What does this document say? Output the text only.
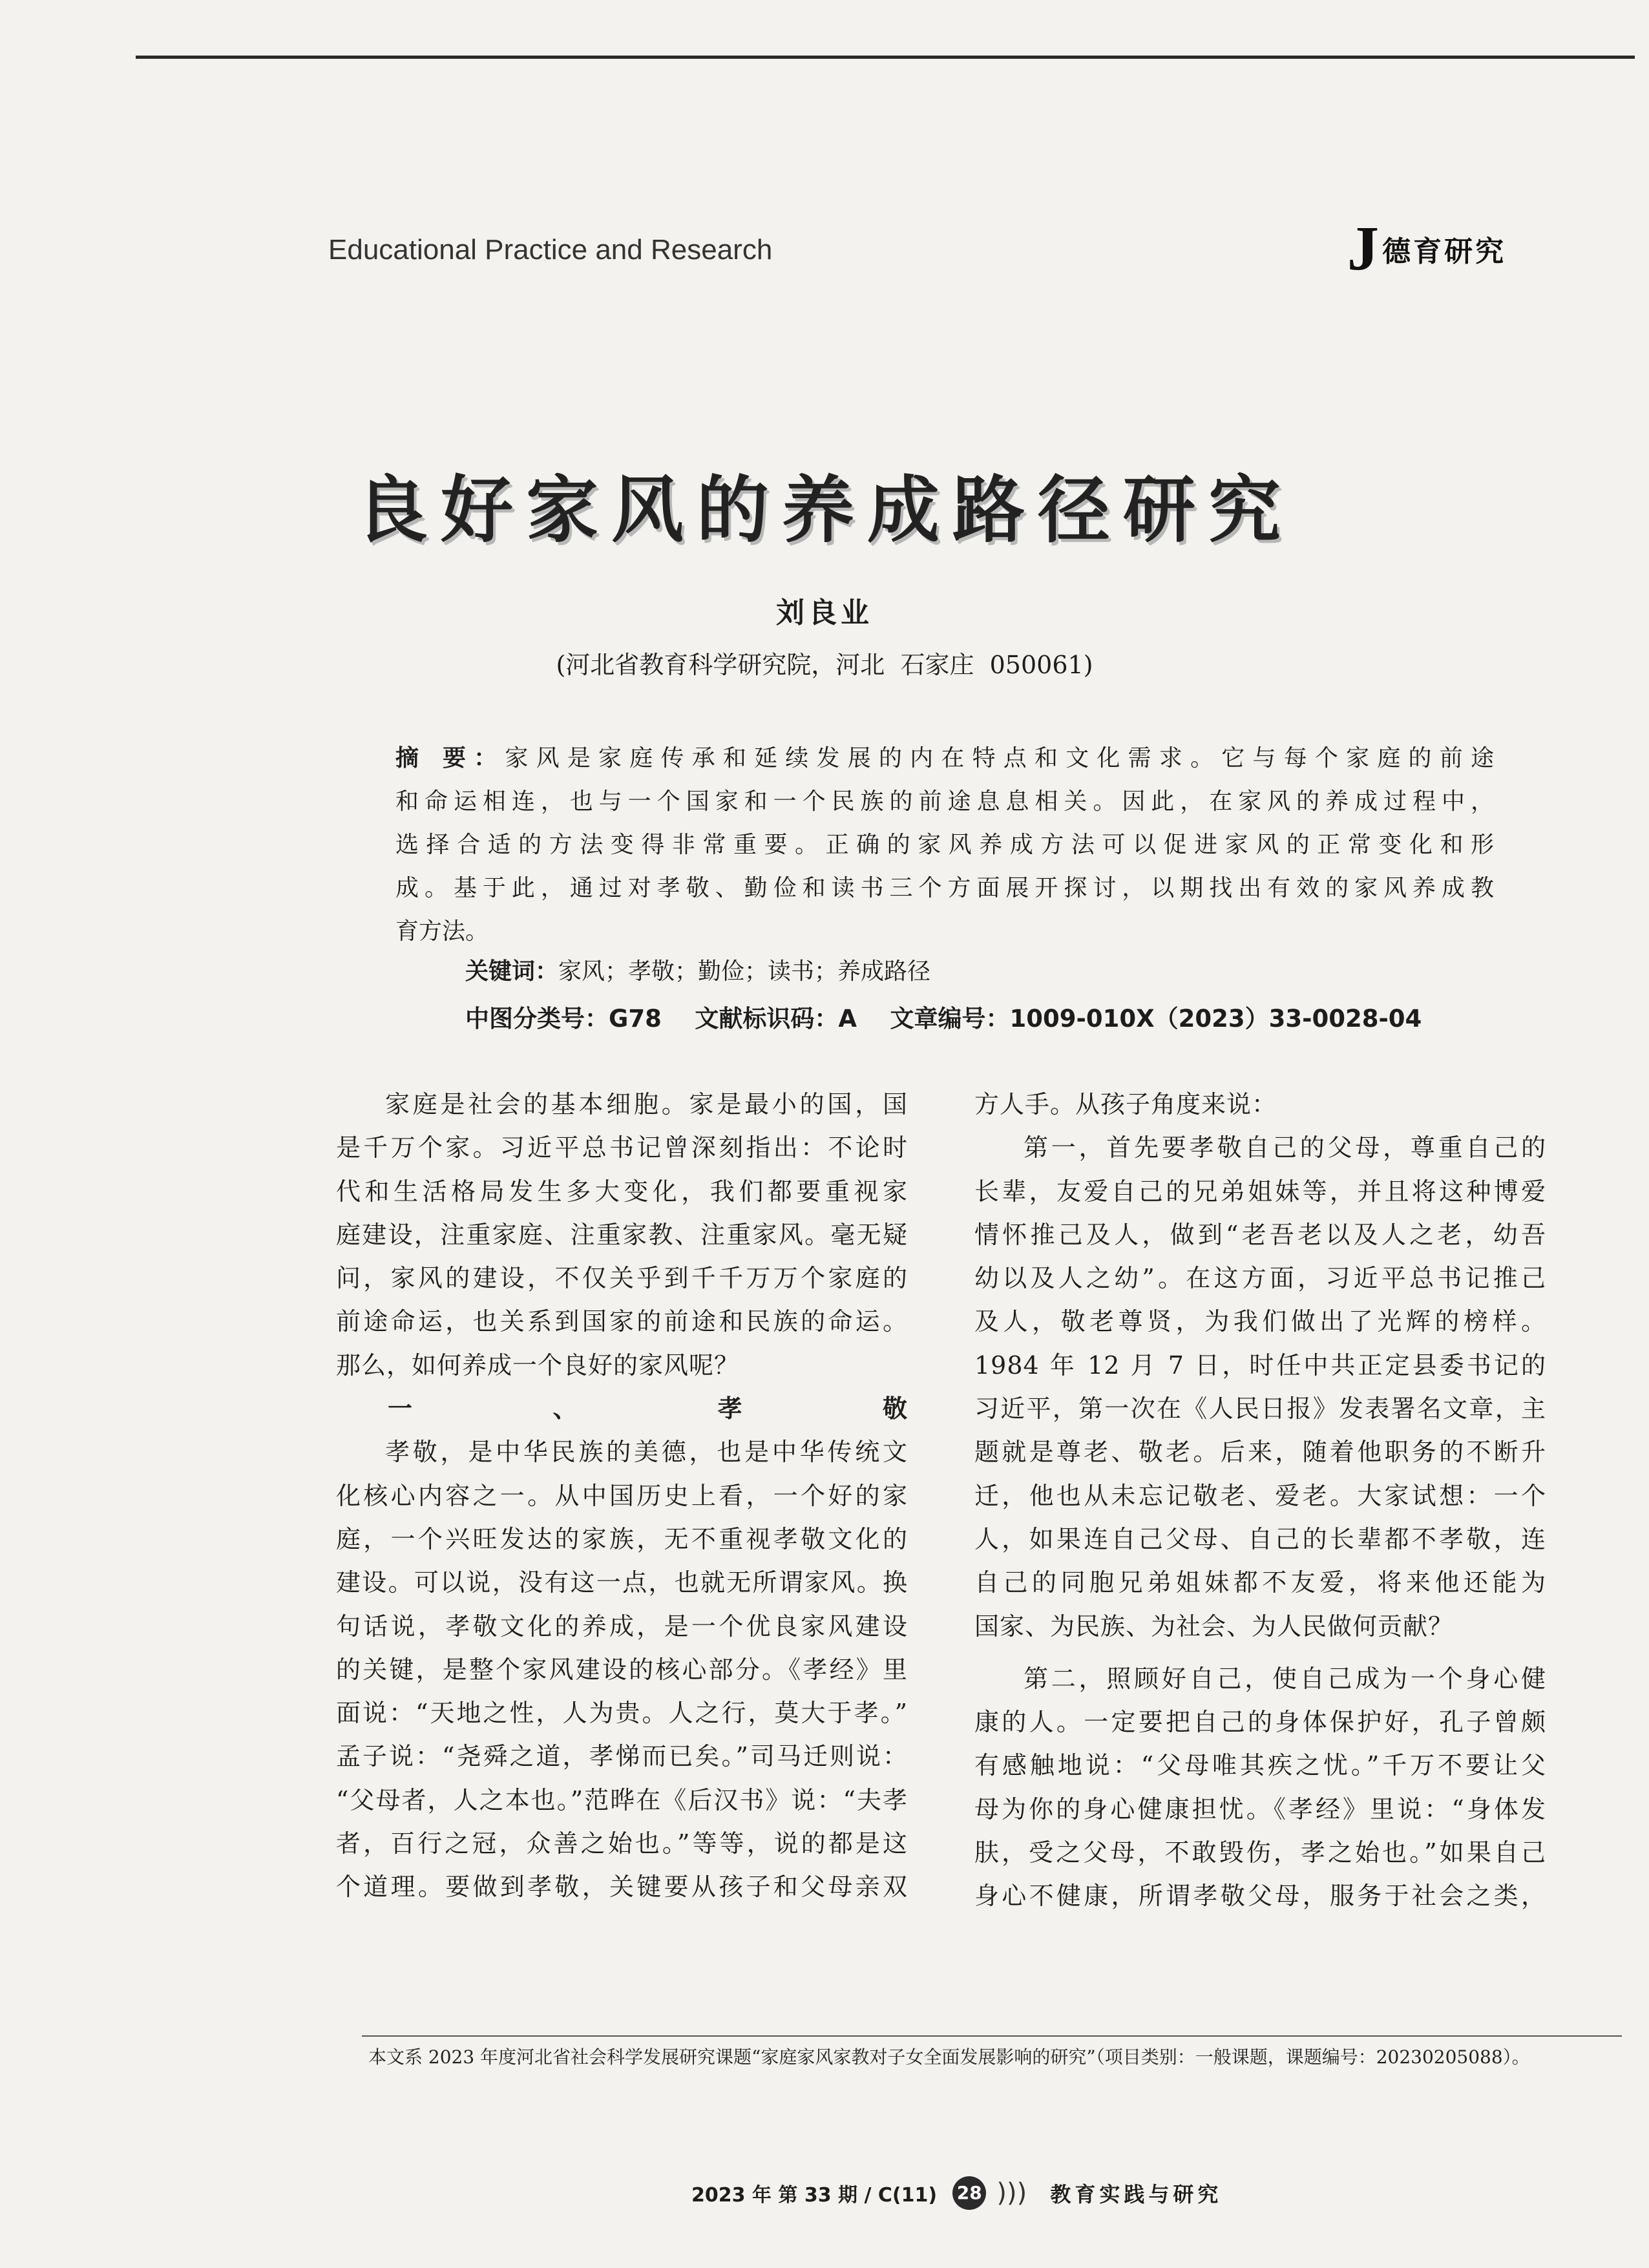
Educational Practice and Research	J 德育研究
良好家风的养成路径研究
刘良业
(河北省教育科学研究院，河北  石家庄  050061)
摘 要：家风是家庭传承和延续发展的内在特点和文化需求。它与每个家庭的前途
和命运相连，也与一个国家和一个民族的前途息息相关。因此，在家风的养成过程中，
选择合适的方法变得非常重要。正确的家风养成方法可以促进家风的正常变化和形
成。基于此，通过对孝敬、勤俭和读书三个方面展开探讨，以期找出有效的家风养成教
育方法。
关键词：家风；孝敬；勤俭；读书；养成路径
中图分类号：G78    文献标识码：A    文章编号：1009-010X（2023）33-0028-04

家庭是社会的基本细胞。家是最小的国，国

是千万个家。习近平总书记曾深刻指出：不论时

代和生活格局发生多大变化，我们都要重视家

庭建设，注重家庭、注重家教、注重家风。毫无疑

问，家风的建设，不仅关乎到千千万万个家庭的

前途命运，也关系到国家的前途和民族的命运。

那么，如何养成一个良好的家风呢？

一、孝敬

孝敬，是中华民族的美德，也是中华传统文

化核心内容之一。从中国历史上看，一个好的家

庭，一个兴旺发达的家族，无不重视孝敬文化的

建设。可以说，没有这一点，也就无所谓家风。换

句话说，孝敬文化的养成，是一个优良家风建设

的关键，是整个家风建设的核心部分。《孝经》里

面说：“天地之性，人为贵。人之行，莫大于孝。”

孟子说：“尧舜之道，孝悌而已矣。”司马迁则说：

“父母者，人之本也。”范晔在《后汉书》说：“夫孝

者，百行之冠，众善之始也。”等等，说的都是这

个道理。要做到孝敬，关键要从孩子和父母亲双

方人手。从孩子角度来说：

第一，首先要孝敬自己的父母，尊重自己的

长辈，友爱自己的兄弟姐妹等，并且将这种博爱

情怀推己及人，做到“老吾老以及人之老，幼吾

幼以及人之幼”。在这方面，习近平总书记推己

及人，敬老尊贤，为我们做出了光辉的榜样。

1984 年 12 月 7 日，时任中共正定县委书记的

习近平，第一次在《人民日报》发表署名文章，主

题就是尊老、敬老。后来，随着他职务的不断升

迁，他也从未忘记敬老、爱老。大家试想：一个

人，如果连自己父母、自己的长辈都不孝敬，连

自己的同胞兄弟姐妹都不友爱，将来他还能为

国家、为民族、为社会、为人民做何贡献？

第二，照顾好自己，使自己成为一个身心健

康的人。一定要把自己的身体保护好，孔子曾颇

有感触地说：“父母唯其疾之忧。”千万不要让父

母为你的身心健康担忧。《孝经》里说：“身体发

肤，受之父母，不敢毁伤，孝之始也。”如果自己

身心不健康，所谓孝敬父母，服务于社会之类，

本文系 2023 年度河北省社会科学发展研究课题“家庭家风家教对子女全面发展影响的研究”（项目类别：一般课题，课题编号：20230205088）。
2023 年 第 33 期 / C(11) 28 ))) 教育实践与研究
